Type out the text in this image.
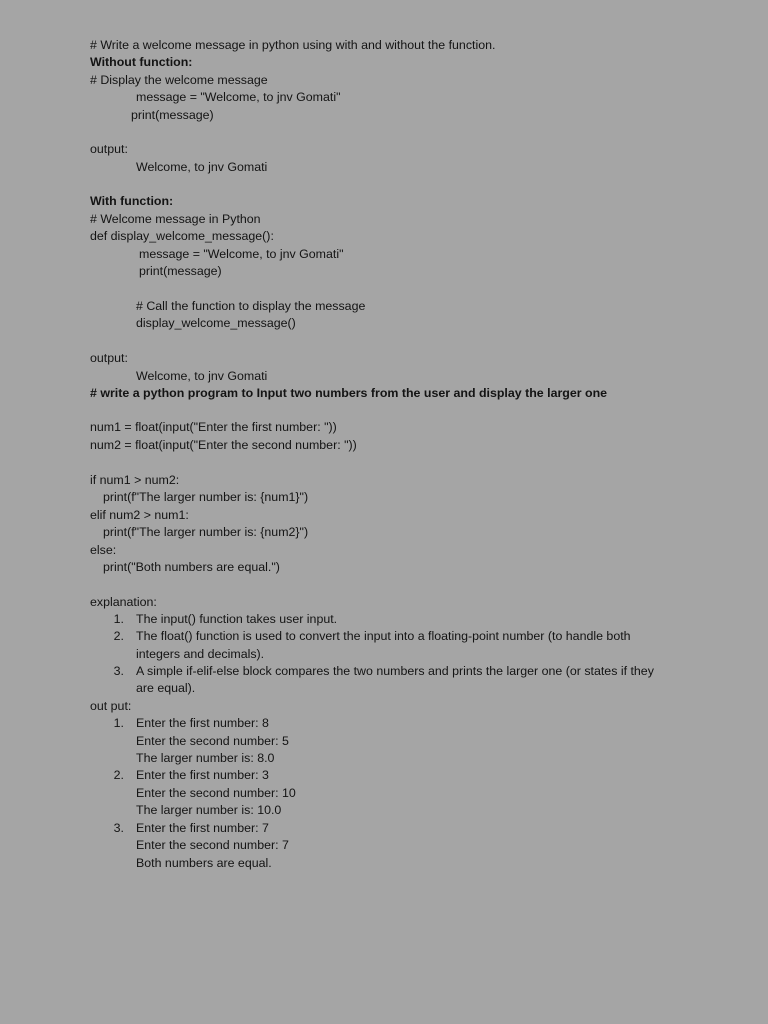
# Write a welcome message in python using with and without the function.
Without function:
# Display the welcome message
message = "Welcome, to jnv Gomati"
print(message)
output:
Welcome, to jnv Gomati
With function:
# Welcome message in Python
def display_welcome_message():
message = "Welcome, to jnv Gomati"
print(message)
# Call the function to display the message
display_welcome_message()
output:
Welcome, to jnv Gomati
# write a python program to Input two numbers from the user and display the larger one
num1 = float(input("Enter the first number: "))
num2 = float(input("Enter the second number: "))
if num1 > num2:
print(f"The larger number is: {num1}")
elif num2 > num1:
print(f"The larger number is: {num2}")
else:
print("Both numbers are equal.")
explanation:
1. The input() function takes user input.
2. The float() function is used to convert the input into a floating-point number (to handle both
integers and decimals).
3. A simple if-elif-else block compares the two numbers and prints the larger one (or states if they
are equal).
out put:
1. Enter the first number: 8
Enter the second number: 5
The larger number is: 8.0
2. Enter the first number: 3
Enter the second number: 10
The larger number is: 10.0
3. Enter the first number: 7
Enter the second number: 7
Both numbers are equal.
